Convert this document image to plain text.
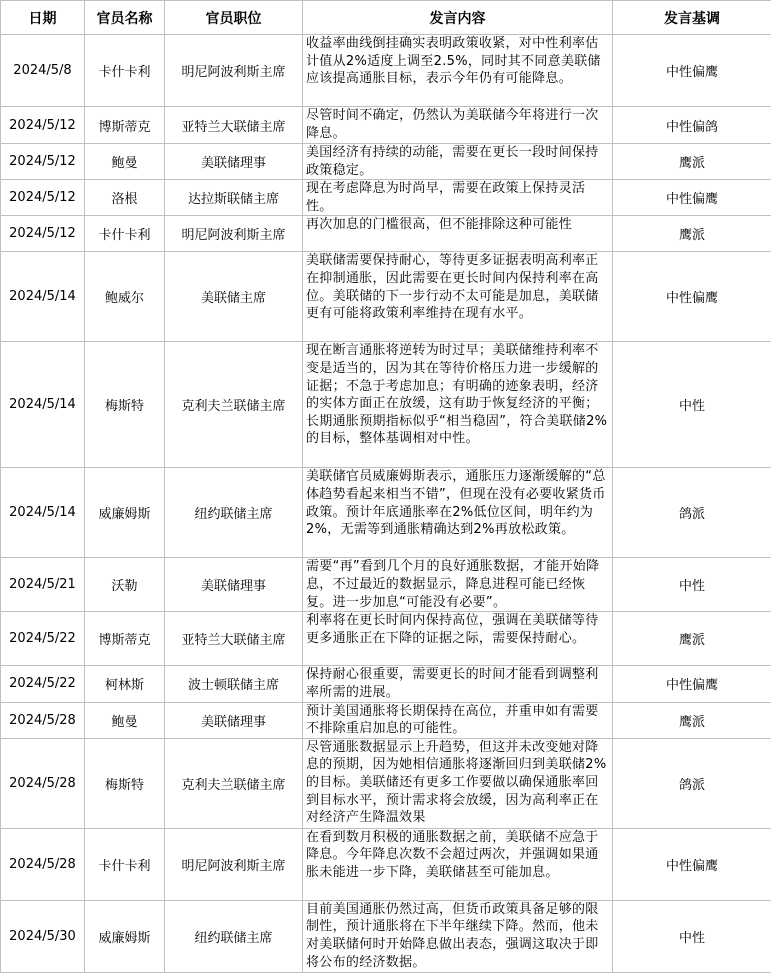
日期	官员名称	官员职位	发言内容	发言基调
2024/5/8	卡什卡利	明尼阿波利斯主席	收益率曲线倒挂确实表明政策收紧，对中性利率估计值从2%适度上调至2.5%，同时其不同意美联储应该提高通胀目标，表示今年仍有可能降息。	中性偏鹰
2024/5/12	博斯蒂克	亚特兰大联储主席	尽管时间不确定，仍然认为美联储今年将进行一次降息。	中性偏鸽
2024/5/12	鲍曼	美联储理事	美国经济有持续的动能，需要在更长一段时间保持政策稳定。	鹰派
2024/5/12	洛根	达拉斯联储主席	现在考虑降息为时尚早，需要在政策上保持灵活性。	中性偏鹰
2024/5/12	卡什卡利	明尼阿波利斯主席	再次加息的门槛很高，但不能排除这种可能性	鹰派
2024/5/14	鲍威尔	美联储主席	美联储需要保持耐心，等待更多证据表明高利率正在抑制通胀，因此需要在更长时间内保持利率在高位。美联储的下一步行动不太可能是加息，美联储更有可能将政策利率维持在现有水平。	中性偏鹰
2024/5/14	梅斯特	克利夫兰联储主席	现在断言通胀将逆转为时过早；美联储维持利率不变是适当的，因为其在等待价格压力进一步缓解的证据；不急于考虑加息；有明确的迹象表明，经济的实体方面正在放缓，这有助于恢复经济的平衡；长期通胀预期指标似乎“相当稳固”，符合美联储2%的目标，整体基调相对中性。	中性
2024/5/14	威廉姆斯	纽约联储主席	美联储官员威廉姆斯表示，通胀压力逐渐缓解的“总体趋势看起来相当不错”，但现在没有必要收紧货币政策。预计年底通胀率在2%低位区间，明年约为2%，无需等到通胀精确达到2%再放松政策。	鸽派
2024/5/21	沃勒	美联储理事	需要“再”看到几个月的良好通胀数据，才能开始降息，不过最近的数据显示，降息进程可能已经恢复。进一步加息“可能没有必要”。	中性
2024/5/22	博斯蒂克	亚特兰大联储主席	利率将在更长时间内保持高位，强调在美联储等待更多通胀正在下降的证据之际，需要保持耐心。	鹰派
2024/5/22	柯林斯	波士顿联储主席	保持耐心很重要，需要更长的时间才能看到调整利率所需的进展。	中性偏鹰
2024/5/28	鲍曼	美联储理事	预计美国通胀将长期保持在高位，并重申如有需要不排除重启加息的可能性。	鹰派
2024/5/28	梅斯特	克利夫兰联储主席	尽管通胀数据显示上升趋势，但这并未改变她对降息的预期，因为她相信通胀将逐渐回归到美联储2%的目标。美联储还有更多工作要做以确保通胀率回到目标水平，预计需求将会放缓，因为高利率正在对经济产生降温效果	鸽派
2024/5/28	卡什卡利	明尼阿波利斯主席	在看到数月积极的通胀数据之前，美联储不应急于降息。今年降息次数不会超过两次，并强调如果通胀未能进一步下降，美联储甚至可能加息。	中性偏鹰
2024/5/30	威廉姆斯	纽约联储主席	目前美国通胀仍然过高，但货币政策具备足够的限制性，预计通胀将在下半年继续下降。然而，他未对美联储何时开始降息做出表态，强调这取决于即将公布的经济数据。	中性
